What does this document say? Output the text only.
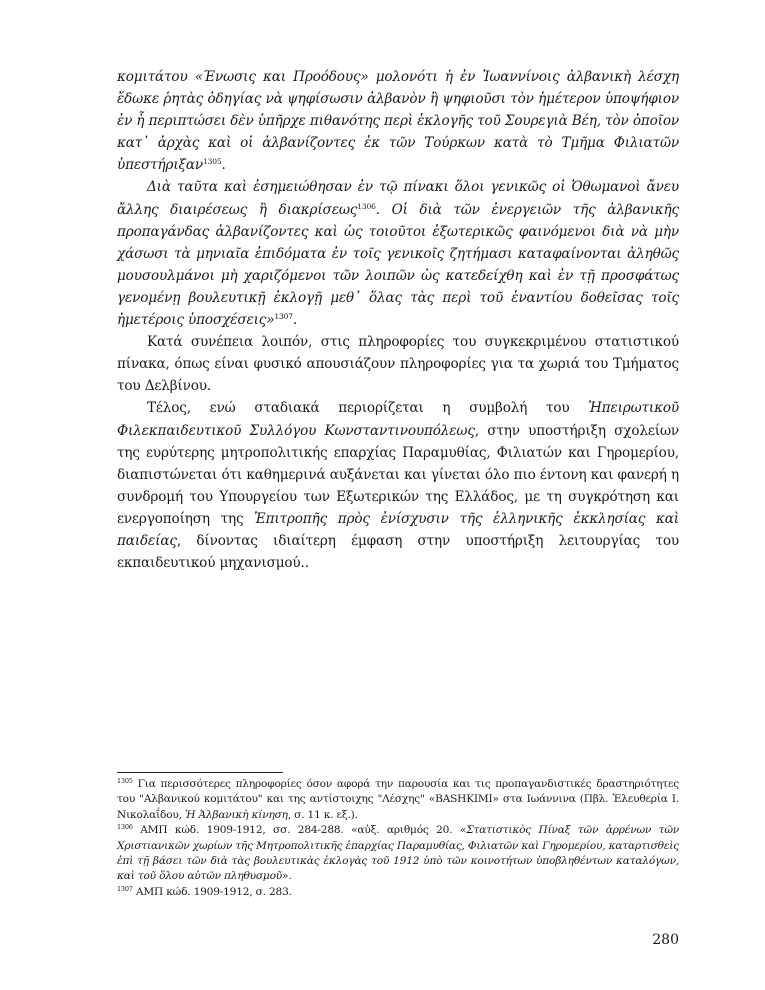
κομιτάτου «Ένωσις και Προόδους» μολονότι ἡ ἐν Ἰωαννίνοις ἀλβανικὴ λέσχη ἔδωκε ῥητὰς ὁδηγίας νὰ ψηφίσωσιν ἀλβανὸν ἢ ψηφιοῦσι τὸν ἡμέτερον ὑποψήφιον ἐν ἧ περιπτώσει δὲν ὑπῆρχε πιθανότης περὶ ἐκλογῆς τοῦ Σουρεγιὰ Βέη, τὸν ὁποῖον κατ᾽ ἀρχὰς καὶ οἱ ἀλβανίζοντες ἐκ τῶν Τούρκων κατὰ τὸ Τμῆμα Φιλιατῶν ὑπεστήριξαν$^{1305}$.

Διὰ ταῦτα καὶ ἐσημειώθησαν ἐν τῷ πίνακι ὅλοι γενικῶς οἱ Ὀθωμανοὶ ἄνευ ἄλλης διαιρέσεως ἢ διακρίσεως$^{1306}$. Οἱ διὰ τῶν ἐνεργειῶν τῆς ἀλβανικῆς προπαγάνδας ἀλβανίζοντες καὶ ὡς τοιοῦτοι ἐξωτερικῶς φαινόμενοι διὰ νὰ μὴν χάσωσι τὰ μηνιαῖα ἐπιδόματα ἐν τοῖς γενικοῖς ζητήμασι καταφαίνονται ἀληθῶς μουσουλμάνοι μὴ χαριζόμενοι τῶν λοιπῶν ὡς κατεδείχθη καὶ ἐν τῇ προσφάτως γενομένῃ βουλευτικῇ ἐκλογῇ μεθ᾽ ὅλας τὰς περὶ τοῦ ἐναντίου δοθεῖσας τοῖς ἡμετέροις ὑποσχέσεις»$^{1307}$.

Κατά συνέπεια λοιπόν, στις πληροφορίες του συγκεκριμένου στατιστικού πίνακα, όπως είναι φυσικό απουσιάζουν πληροφορίες για τα χωριά του Τμήματος του Δελβίνου.

Τέλος, ενώ σταδιακά περιορίζεται η συμβολή του Ἠπειρωτικοῦ Φιλεκπαιδευτικοῦ Συλλόγου Κωνσταντινουπόλεως, στην υποστήριξη σχολείων της ευρύτερης μητροπολιτικής επαρχίας Παραμυθίας, Φιλιατών και Γηρομερίου, διαπιστώνεται ότι καθημερινά αυξάνεται και γίνεται όλο πιο έντονη και φανερή η συνδρομή του Υπουργείου των Εξωτερικών της Ελλάδος, με τη συγκρότηση και ενεργοποίηση της Ἐπιτροπῆς πρὸς ἐνίσχυσιν τῆς ἑλληνικῆς ἐκκλησίας καὶ παιδείας, δίνοντας ιδιαίτερη έμφαση στην υποστήριξη λειτουργίας του εκπαιδευτικού μηχανισμού..

$^{1305}$ Για περισσότερες πληροφορίες όσον αφορά την παρουσία και τις προπαγανδιστικές δραστηριότητες του "Αλβανικού κομιτάτου" και της αντίστοιχης "Λέσχης" «BASHKIMI» στα Ιωάννινα (Πβλ. Ἐλευθερία Ι. Νικολαΐδου, Ἡ Ἀλβανικὴ κίνηση, σ. 11 κ. εξ.).

$^{1306}$ ΑΜΠ κώδ. 1909-1912, σσ. 284-288. «αὐξ. αριθμός 20. «Στατιστικὸς Πίναξ τῶν ἀρρένων τῶν Χριστιανικῶν χωρίων τῆς Μητροπολιτικῆς ἐπαρχίας Παραμυθίας, Φιλιατῶν καὶ Γηρομερίου, καταρτισθεὶς ἐπὶ τῇ βάσει τῶν διὰ τὰς βουλευτικὰς ἐκλογὰς τοῦ 1912 ὑπὸ τῶν κοινοτήτων ὑποβληθέντων καταλόγων, καὶ τοῦ ὅλου αὐτῶν πληθυσμοῦ».

$^{1307}$ ΑΜΠ κώδ. 1909-1912, σ. 283.

280
